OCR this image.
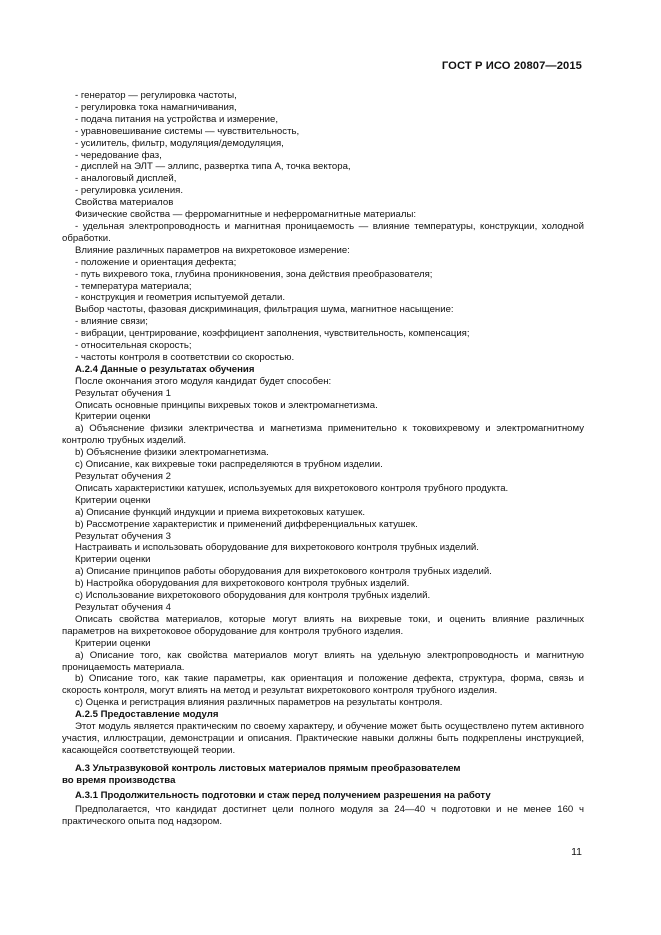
ГОСТ Р ИСО 20807—2015

- генератор — регулировка частоты,

- регулировка тока намагничивания,

- подача питания на устройства и измерение,

- уравновешивание системы — чувствительность,

- усилитель, фильтр, модуляция/демодуляция,

- чередование фаз,

- дисплей на ЭЛТ — эллипс, развертка типа А, точка вектора,

- аналоговый дисплей,

- регулировка усиления.

Свойства материалов

Физические свойства — ферромагнитные и неферромагнитные материалы:

- удельная электропроводность и магнитная проницаемость — влияние температуры, конструкции, холодной обработки.

Влияние различных параметров на вихретоковое измерение:

- положение и ориентация дефекта;

- путь вихревого тока, глубина проникновения, зона действия преобразователя;

- температура материала;

- конструкция и геометрия испытуемой детали.

Выбор частоты, фазовая дискриминация, фильтрация шума, магнитное насыщение:

- влияние связи;

- вибрации, центрирование, коэффициент заполнения, чувствительность, компенсация;

- относительная скорость;

- частоты контроля в соответствии со скоростью.

А.2.4 Данные о результатах обучения

После окончания этого модуля кандидат будет способен:

Результат обучения 1

Описать основные принципы вихревых токов и электромагнетизма.

Критерии оценки

a) Объяснение физики электричества и магнетизма применительно к токовихревому и электромагнитному контролю трубных изделий.

b) Объяснение физики электромагнетизма.

c) Описание, как вихревые токи распределяются в трубном изделии.

Результат обучения 2

Описать характеристики катушек, используемых для вихретокового контроля трубного продукта.

Критерии оценки

a) Описание функций индукции и приема вихретоковых катушек.

b) Рассмотрение характеристик и применений дифференциальных катушек.

Результат обучения 3

Настраивать и использовать оборудование для вихретокового контроля трубных изделий.

Критерии оценки

a) Описание принципов работы оборудования для вихретокового контроля трубных изделий.

b) Настройка оборудования для вихретокового контроля трубных изделий.

c) Использование вихретокового оборудования для контроля трубных изделий.

Результат обучения 4

Описать свойства материалов, которые могут влиять на вихревые токи, и оценить влияние различных параметров на вихретоковое оборудование для контроля трубного изделия.

Критерии оценки

a) Описание того, как свойства материалов могут влиять на удельную электропроводность и магнитную проницаемость материала.

b) Описание того, как такие параметры, как ориентация и положение дефекта, структура, форма, связь и скорость контроля, могут влиять на метод и результат вихретокового контроля трубного изделия.

c) Оценка и регистрация влияния различных параметров на результаты контроля.

А.2.5 Предоставление модуля

Этот модуль является практическим по своему характеру, и обучение может быть осуществлено путем активного участия, иллюстрации, демонстрации и описания. Практические навыки должны быть подкреплены инструкцией, касающейся соответствующей теории.

А.3 Ультразвуковой контроль листовых материалов прямым преобразователем
во время производства

А.3.1 Продолжительность подготовки и стаж перед получением разрешения на работу

Предполагается, что кандидат достигнет цели полного модуля за 24—40 ч подготовки и не менее 160 ч практического опыта под надзором.

11
